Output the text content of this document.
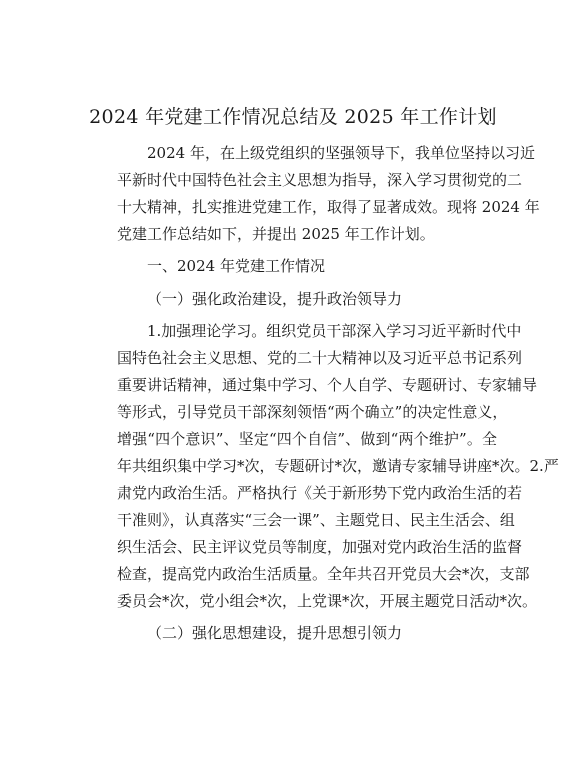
2024 年党建工作情况总结及 2025 年工作计划
2024 年，在上级党组织的坚强领导下，我单位坚持以习近
平新时代中国特色社会主义思想为指导，深入学习贯彻党的二
十大精神，扎实推进党建工作，取得了显著成效。现将 2024 年
党建工作总结如下，并提出 2025 年工作计划。
一、2024 年党建工作情况
（一）强化政治建设，提升政治领导力
1.加强理论学习。组织党员干部深入学习习近平新时代中
国特色社会主义思想、党的二十大精神以及习近平总书记系列
重要讲话精神，通过集中学习、个人自学、专题研讨、专家辅导
等形式，引导党员干部深刻领悟“两个确立”的决定性意义，
增强“四个意识”、坚定“四个自信”、做到“两个维护”。全
年共组织集中学习*次，专题研讨*次，邀请专家辅导讲座*次。2.严
肃党内政治生活。严格执行《关于新形势下党内政治生活的若
干准则》，认真落实“三会一课”、主题党日、民主生活会、组
织生活会、民主评议党员等制度，加强对党内政治生活的监督
检查，提高党内政治生活质量。全年共召开党员大会*次，支部
委员会*次，党小组会*次，上党课*次，开展主题党日活动*次。
（二）强化思想建设，提升思想引领力
